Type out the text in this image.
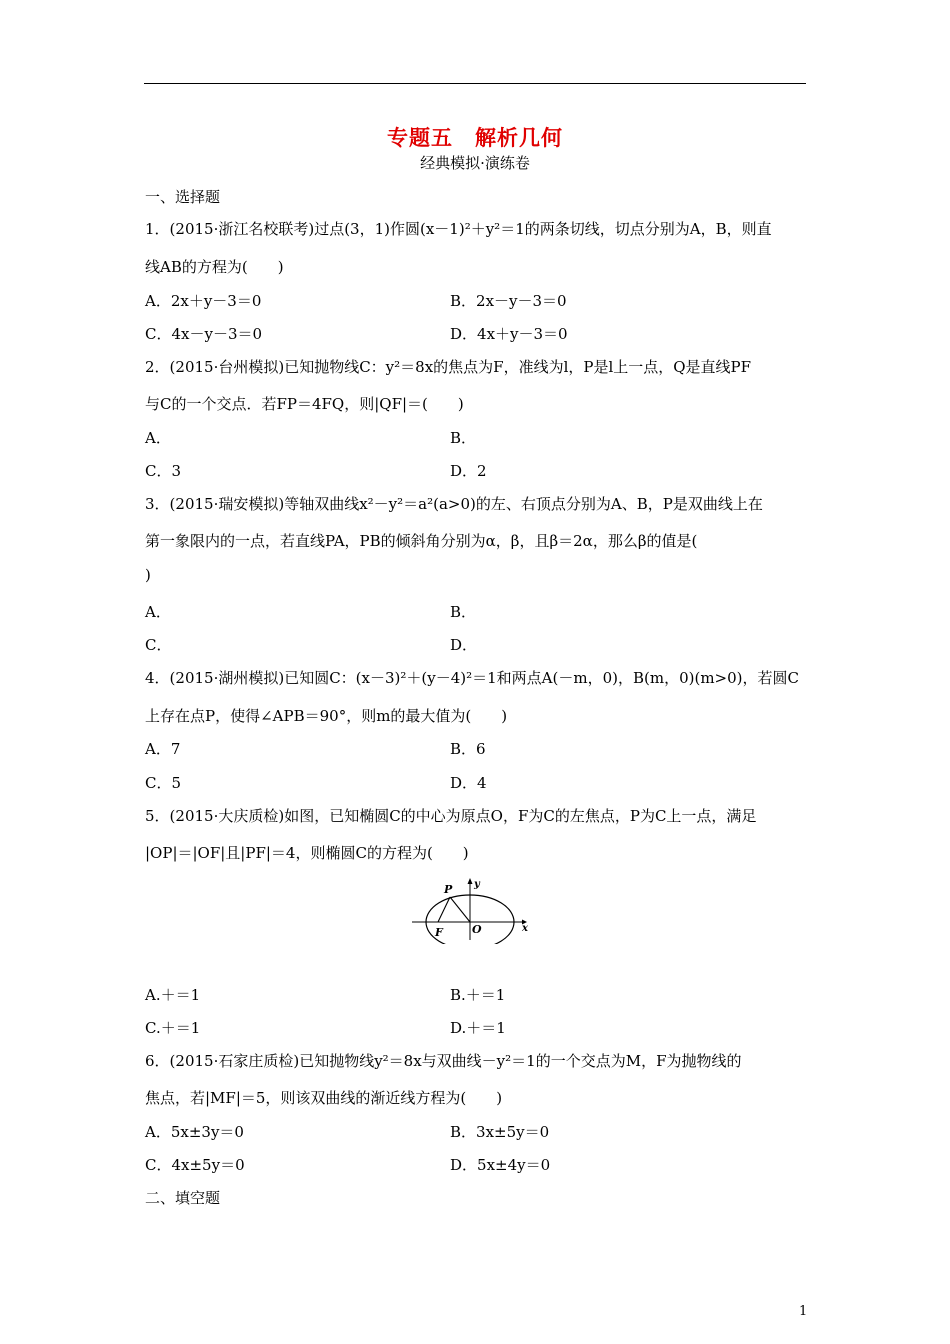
专题五　解析几何
经典模拟·演练卷
一、选择题
1．(2015·浙江名校联考)过点(3，1)作圆(x－1)²＋y²＝1的两条切线，切点分别为A，B，则直
线AB的方程为(　　)
A．2x＋y－3＝0	B．2x－y－3＝0
C．4x－y－3＝0	D．4x＋y－3＝0
2．(2015·台州模拟)已知抛物线C：y²＝8x的焦点为F，准线为l，P是l上一点，Q是直线PF
与C的一个交点．若FP＝4FQ，则|QF|＝(　　)
A．	B．
C．3	D．2
3．(2015·瑞安模拟)等轴双曲线x²－y²＝a²(a>0)的左、右顶点分别为A、B，P是双曲线上在
第一象限内的一点，若直线PA，PB的倾斜角分别为α，β，且β＝2α，那么β的值是(
)
A．	B．
C．	D．
4．(2015·湖州模拟)已知圆C：(x－3)²＋(y－4)²＝1和两点A(－m，0)，B(m，0)(m>0)，若圆C
上存在点P，使得∠APB＝90°，则m的最大值为(　　)
A．7	B．6
C．5	D．4
5．(2015·大庆质检)如图，已知椭圆C的中心为原点O，F为C的左焦点，P为C上一点，满足
|OP|＝|OF|且|PF|＝4，则椭圆C的方程为(　　)
P y
F	O	x
A.＋＝1	B.＋＝1
C.＋＝1	D.＋＝1
6．(2015·石家庄质检)已知抛物线y²＝8x与双曲线－y²＝1的一个交点为M，F为抛物线的
焦点，若|MF|＝5，则该双曲线的渐近线方程为(　　)
A．5x±3y＝0	B．3x±5y＝0
C．4x±5y＝0	D．5x±4y＝0
二、填空题
1
